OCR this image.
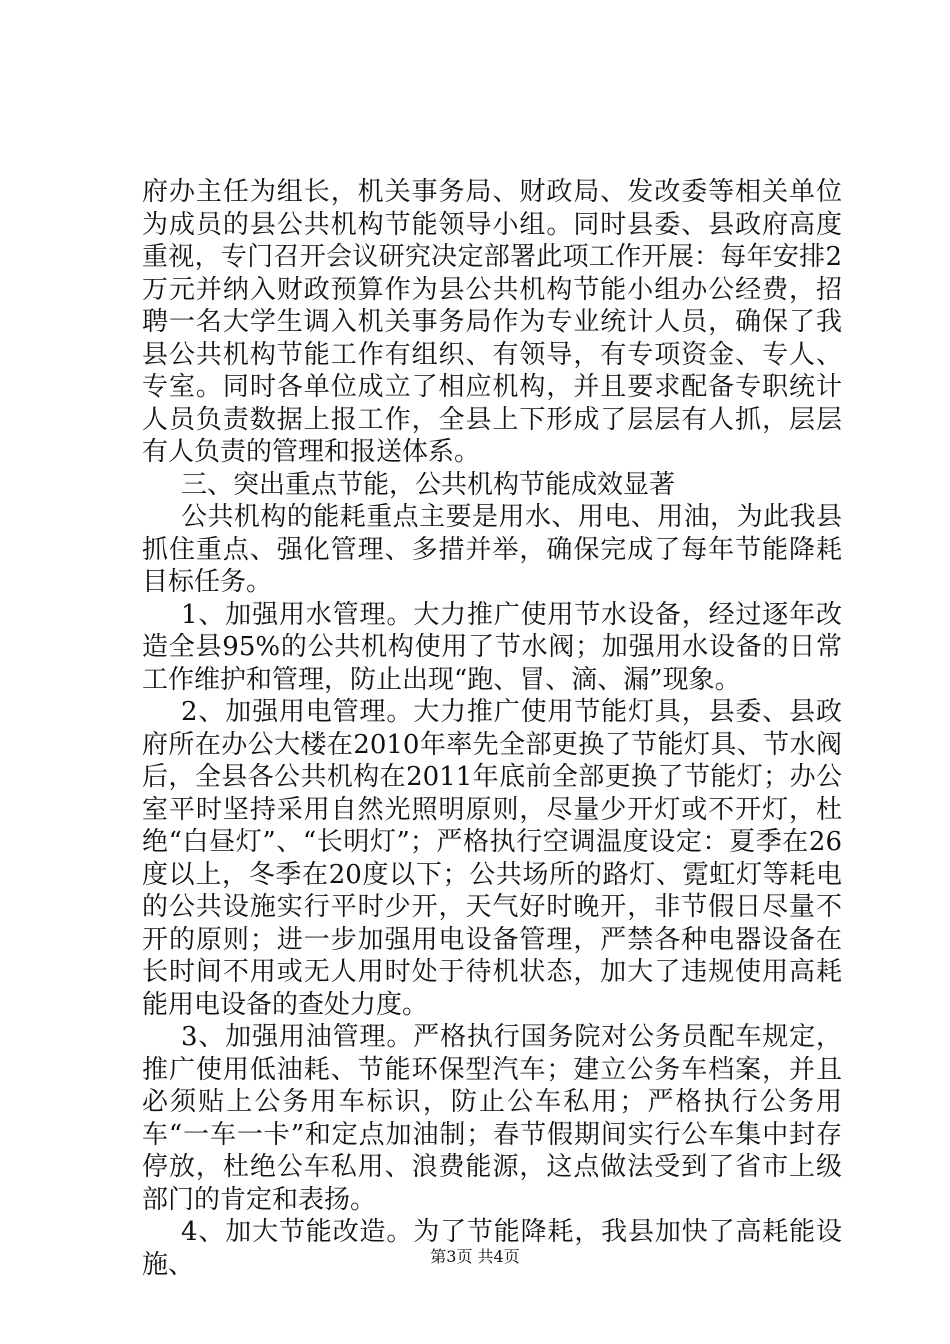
府办主任为组长，机关事务局、财政局、发改委等相关单位为成员的县公共机构节能领导小组。同时县委、县政府高度重视，专门召开会议研究决定部署此项工作开展：每年安排2万元并纳入财政预算作为县公共机构节能小组办公经费，招聘一名大学生调入机关事务局作为专业统计人员，确保了我县公共机构节能工作有组织、有领导，有专项资金、专人、专室。同时各单位成立了相应机构，并且要求配备专职统计人员负责数据上报工作，全县上下形成了层层有人抓，层层有人负责的管理和报送体系。

三、突出重点节能，公共机构节能成效显著

公共机构的能耗重点主要是用水、用电、用油，为此我县抓住重点、强化管理、多措并举，确保完成了每年节能降耗目标任务。

1、加强用水管理。大力推广使用节水设备，经过逐年改造全县95%的公共机构使用了节水阀；加强用水设备的日常工作维护和管理，防止出现“跑、冒、滴、漏”现象。

2、加强用电管理。大力推广使用节能灯具，县委、县政府所在办公大楼在2010年率先全部更换了节能灯具、节水阀后，全县各公共机构在2011年底前全部更换了节能灯；办公室平时坚持采用自然光照明原则，尽量少开灯或不开灯，杜绝“白昼灯”、“长明灯”；严格执行空调温度设定：夏季在26度以上，冬季在20度以下；公共场所的路灯、霓虹灯等耗电的公共设施实行平时少开，天气好时晚开，非节假日尽量不开的原则；进一步加强用电设备管理，严禁各种电器设备在长时间不用或无人用时处于待机状态，加大了违规使用高耗能用电设备的查处力度。

3、加强用油管理。严格执行国务院对公务员配车规定，推广使用低油耗、节能环保型汽车；建立公务车档案，并且必须贴上公务用车标识，防止公车私用；严格执行公务用车“一车一卡”和定点加油制；春节假期间实行公车集中封存停放，杜绝公车私用、浪费能源，这点做法受到了省市上级部门的肯定和表扬。

4、加大节能改造。为了节能降耗，我县加快了高耗能设施、	第3页 共4页
